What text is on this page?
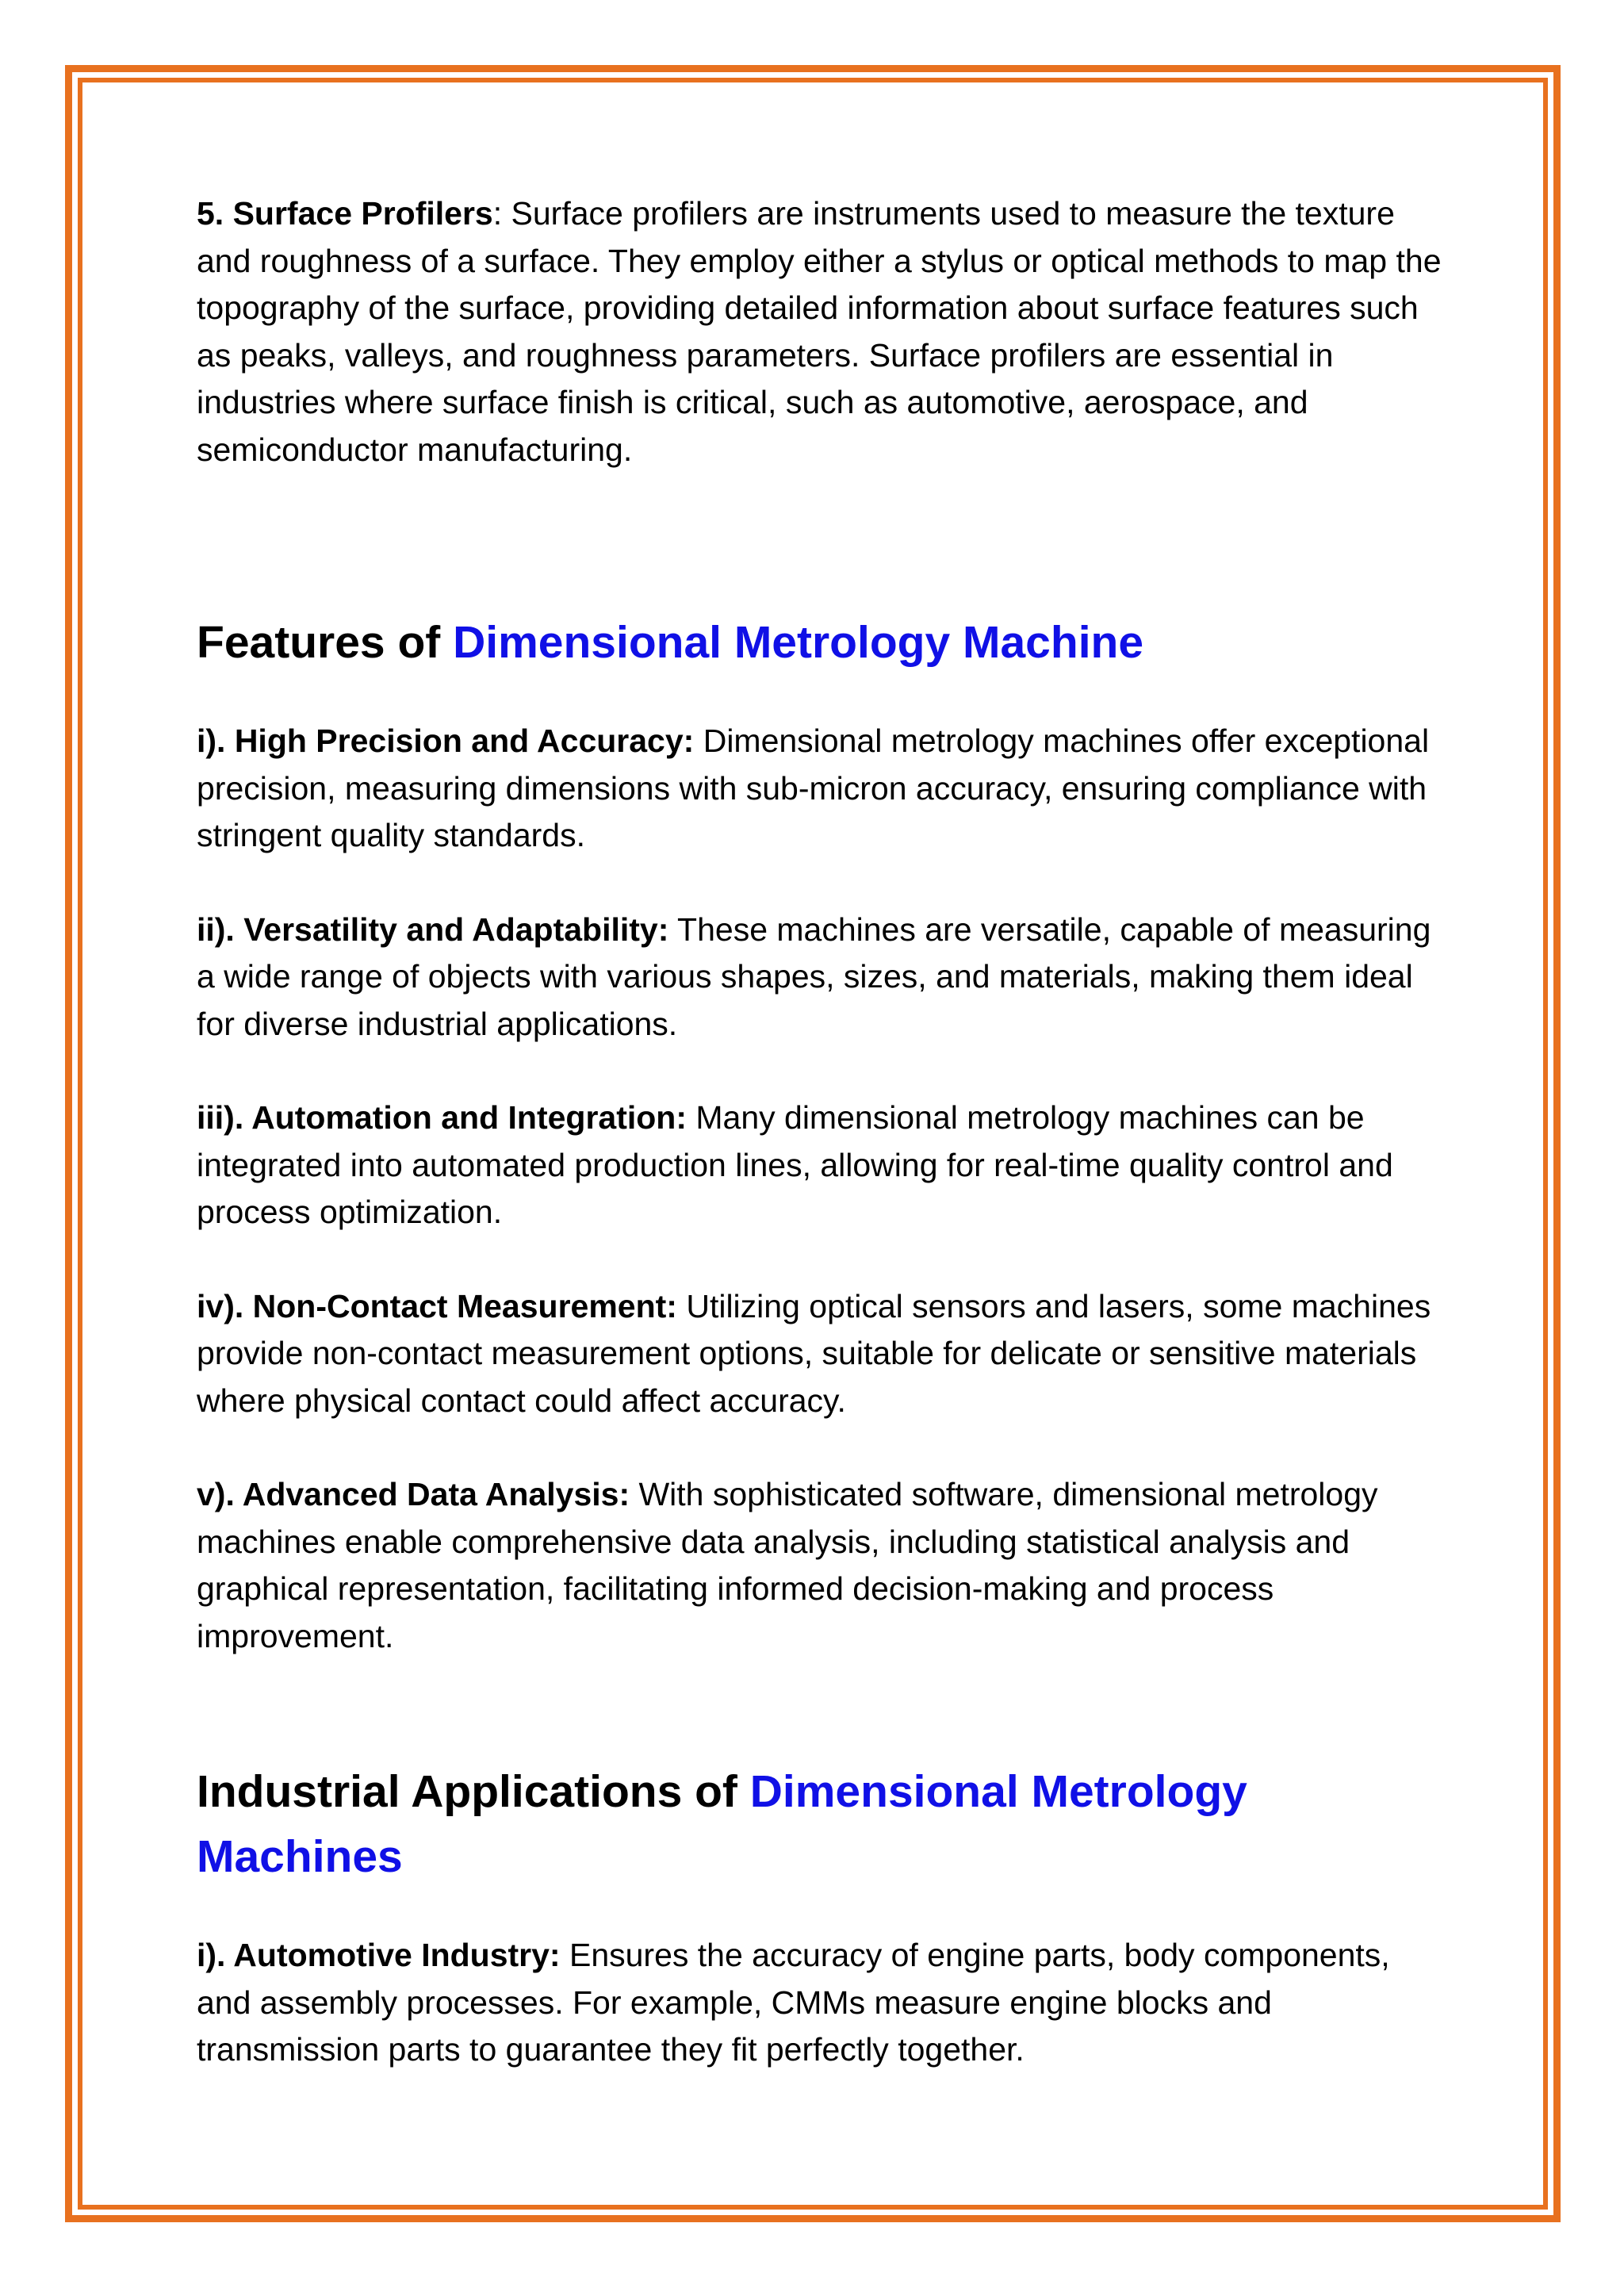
5. Surface Profilers: Surface profilers are instruments used to measure the texture and roughness of a surface. They employ either a stylus or optical methods to map the topography of the surface, providing detailed information about surface features such as peaks, valleys, and roughness parameters. Surface profilers are essential in industries where surface finish is critical, such as automotive, aerospace, and semiconductor manufacturing.

Features of Dimensional Metrology Machine

i). High Precision and Accuracy: Dimensional metrology machines offer exceptional precision, measuring dimensions with sub-micron accuracy, ensuring compliance with stringent quality standards.

ii). Versatility and Adaptability: These machines are versatile, capable of measuring a wide range of objects with various shapes, sizes, and materials, making them ideal for diverse industrial applications.

iii). Automation and Integration: Many dimensional metrology machines can be integrated into automated production lines, allowing for real-time quality control and process optimization.

iv). Non-Contact Measurement: Utilizing optical sensors and lasers, some machines provide non-contact measurement options, suitable for delicate or sensitive materials where physical contact could affect accuracy.

v). Advanced Data Analysis: With sophisticated software, dimensional metrology machines enable comprehensive data analysis, including statistical analysis and graphical representation, facilitating informed decision-making and process improvement.

Industrial Applications of Dimensional Metrology Machines

i). Automotive Industry: Ensures the accuracy of engine parts, body components, and assembly processes. For example, CMMs measure engine blocks and transmission parts to guarantee they fit perfectly together.
